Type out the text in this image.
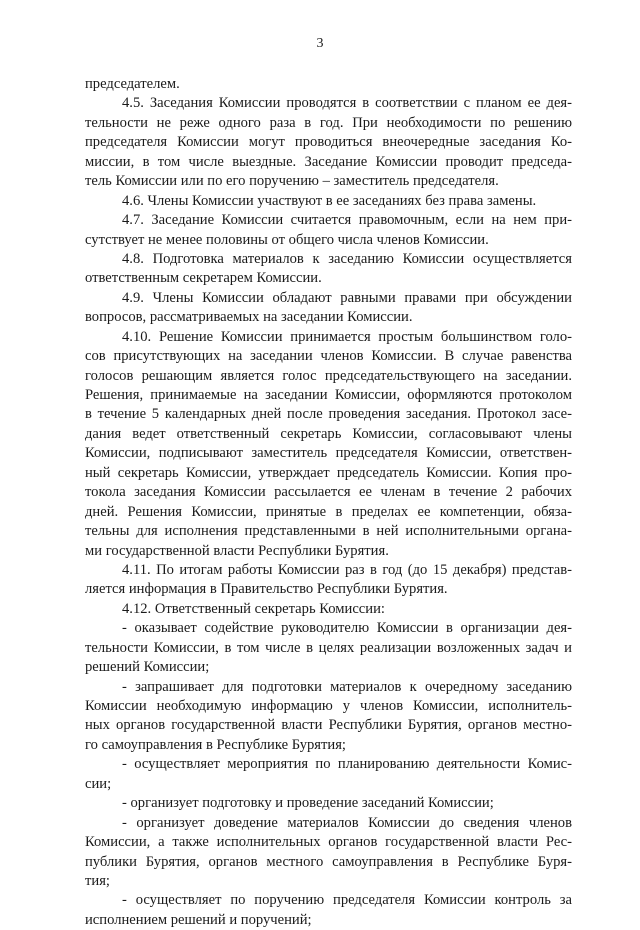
3
председателем.
4.5. Заседания Комиссии проводятся в соответствии с планом ее дея-
тельности не реже одного раза в год. При необходимости по решению
председателя Комиссии могут проводиться внеочередные заседания Ко-
миссии, в том числе выездные. Заседание Комиссии проводит председа-
тель Комиссии или по его поручению – заместитель председателя.
4.6. Члены Комиссии участвуют в ее заседаниях без права замены.
4.7. Заседание Комиссии считается правомочным, если на нем при-
сутствует не менее половины от общего числа членов Комиссии.
4.8. Подготовка материалов к заседанию Комиссии осуществляется
ответственным секретарем Комиссии.
4.9. Члены Комиссии обладают равными правами при обсуждении
вопросов, рассматриваемых на заседании Комиссии.
4.10. Решение Комиссии принимается простым большинством голо-
сов присутствующих на заседании членов Комиссии. В случае равенства
голосов решающим является голос председательствующего на заседании.
Решения, принимаемые на заседании Комиссии, оформляются протоколом
в течение 5 календарных дней после проведения заседания. Протокол засе-
дания ведет ответственный секретарь Комиссии, согласовывают члены
Комиссии, подписывают заместитель председателя Комиссии, ответствен-
ный секретарь Комиссии, утверждает председатель Комиссии. Копия про-
токола заседания Комиссии рассылается ее членам в течение 2 рабочих
дней. Решения Комиссии, принятые в пределах ее компетенции, обяза-
тельны для исполнения представленными в ней исполнительными органа-
ми государственной власти Республики Бурятия.
4.11. По итогам работы Комиссии раз в год (до 15 декабря) представ-
ляется информация в Правительство Республики Бурятия.
4.12. Ответственный секретарь Комиссии:
- оказывает содействие руководителю Комиссии в организации дея-
тельности Комиссии, в том числе в целях реализации возложенных задач и
решений Комиссии;
- запрашивает для подготовки материалов к очередному заседанию
Комиссии необходимую информацию у членов Комиссии, исполнитель-
ных органов государственной власти Республики Бурятия, органов местно-
го самоуправления в Республике Бурятия;
- осуществляет мероприятия по планированию деятельности Комис-
сии;
- организует подготовку и проведение заседаний Комиссии;
- организует доведение материалов Комиссии до сведения членов
Комиссии, а также исполнительных органов государственной власти Рес-
публики Бурятия, органов местного самоуправления в Республике Буря-
тия;
- осуществляет по поручению председателя Комиссии контроль за
исполнением решений и поручений;
